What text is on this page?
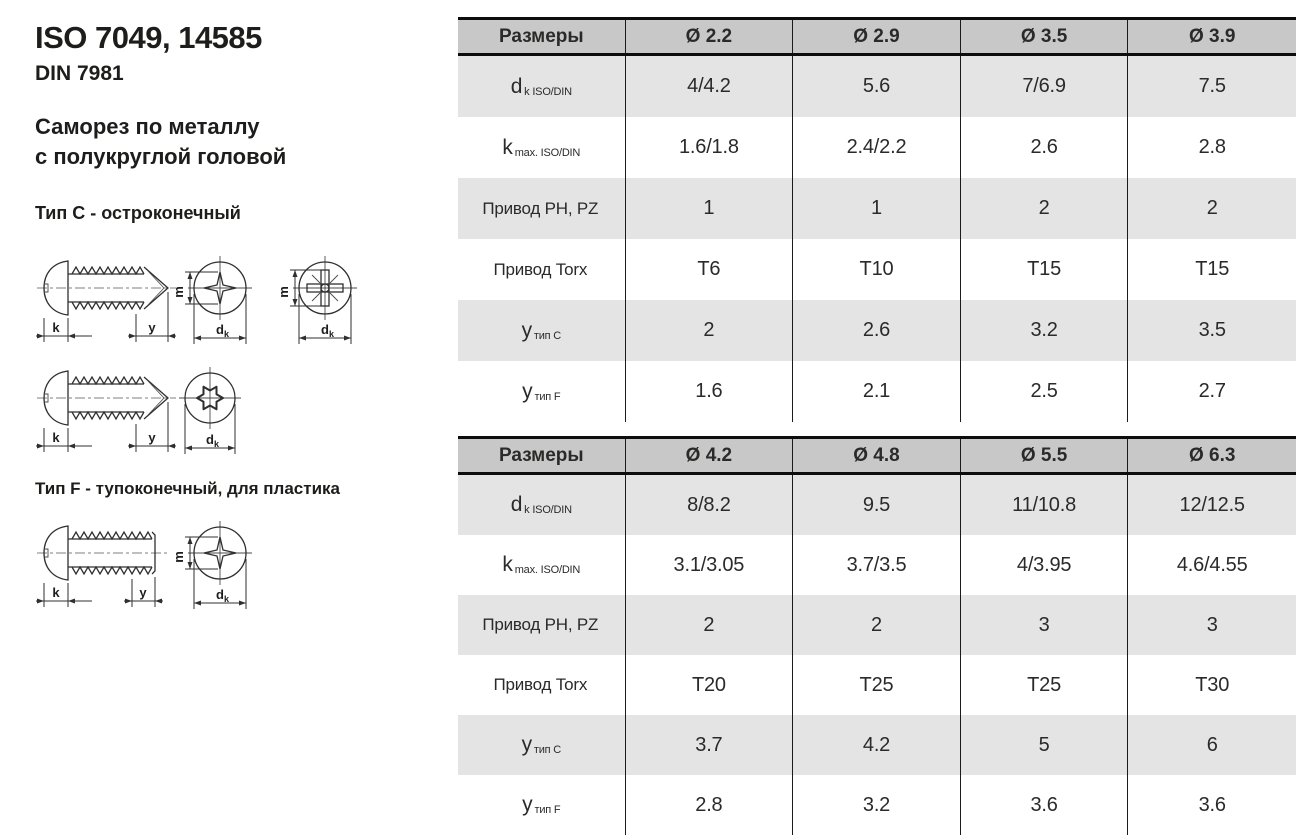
ISO 7049, 14585
DIN 7981

Саморез по металлу
с полукруглой головой

Тип C - остроконечный
Тип F - тупоконечный, для пластика
k	y
m
d k
m
d k
k	y	d k
k	y
m
d k
Размеры	Ø 2.2	Ø 2.9	Ø 3.5	Ø 3.9
d k ISO/DIN	4/4.2	5.6	7/6.9	7.5
k max. ISO/DIN	1.6/1.8	2.4/2.2	2.6	2.8
Привод PH, PZ	1	1	2	2
Привод Torx	T6	T10	T15	T15
y тип C	2	2.6	3.2	3.5
y тип F	1.6	2.1	2.5	2.7
Размеры	Ø 4.2	Ø 4.8	Ø 5.5	Ø 6.3
d k ISO/DIN	8/8.2	9.5	11/10.8	12/12.5
k max. ISO/DIN	3.1/3.05	3.7/3.5	4/3.95	4.6/4.55
Привод PH, PZ	2	2	3	3
Привод Torx	T20	T25	T25	T30
y тип C	3.7	4.2	5	6
y тип F	2.8	3.2	3.6	3.6
